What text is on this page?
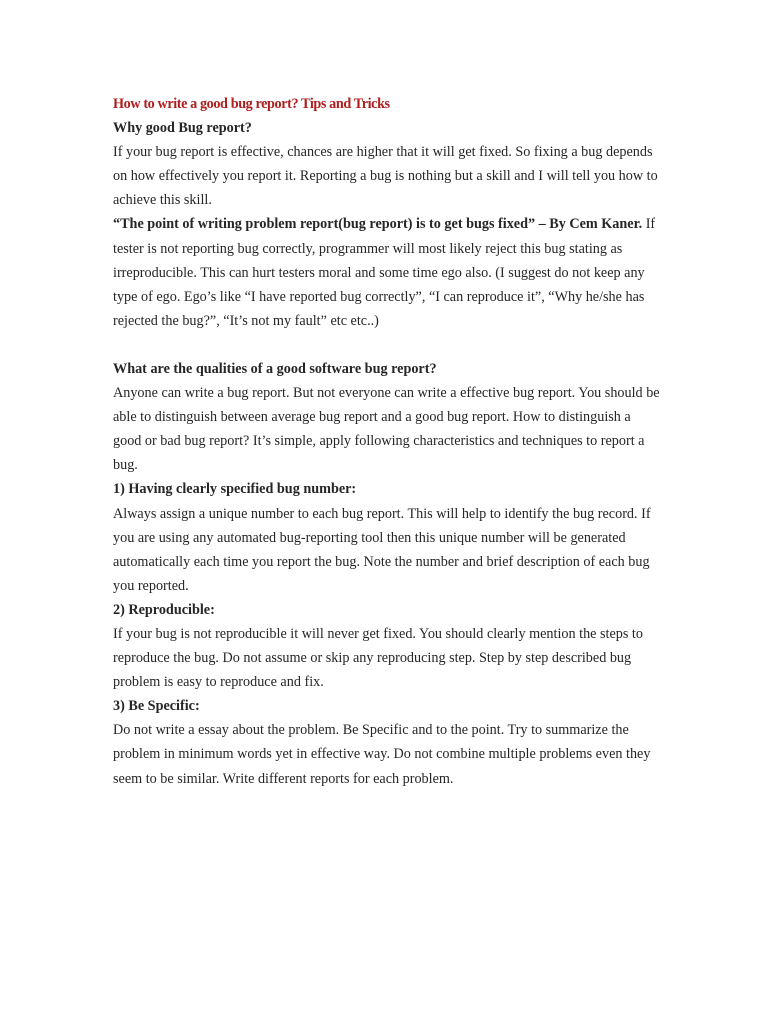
How to write a good bug report? Tips and Tricks

Why good Bug report?

If your bug report is effective, chances are higher that it will get fixed. So fixing a bug depends on how effectively you report it. Reporting a bug is nothing but a skill and I will tell you how to achieve this skill.

“The point of writing problem report(bug report) is to get bugs fixed” – By Cem Kaner. If tester is not reporting bug correctly, programmer will most likely reject this bug stating as irreproducible. This can hurt testers moral and some time ego also. (I suggest do not keep any type of ego. Ego’s like “I have reported bug correctly”, “I can reproduce it”, “Why he/she has rejected the bug?”, “It’s not my fault” etc etc..)

What are the qualities of a good software bug report?

Anyone can write a bug report. But not everyone can write a effective bug report. You should be able to distinguish between average bug report and a good bug report. How to distinguish a good or bad bug report? It’s simple, apply following characteristics and techniques to report a bug.

1) Having clearly specified bug number:

Always assign a unique number to each bug report. This will help to identify the bug record. If you are using any automated bug-reporting tool then this unique number will be generated automatically each time you report the bug. Note the number and brief description of each bug you reported.

2) Reproducible:

If your bug is not reproducible it will never get fixed. You should clearly mention the steps to reproduce the bug. Do not assume or skip any reproducing step. Step by step described bug problem is easy to reproduce and fix.

3) Be Specific:

Do not write a essay about the problem. Be Specific and to the point. Try to summarize the problem in minimum words yet in effective way. Do not combine multiple problems even they seem to be similar. Write different reports for each problem.
